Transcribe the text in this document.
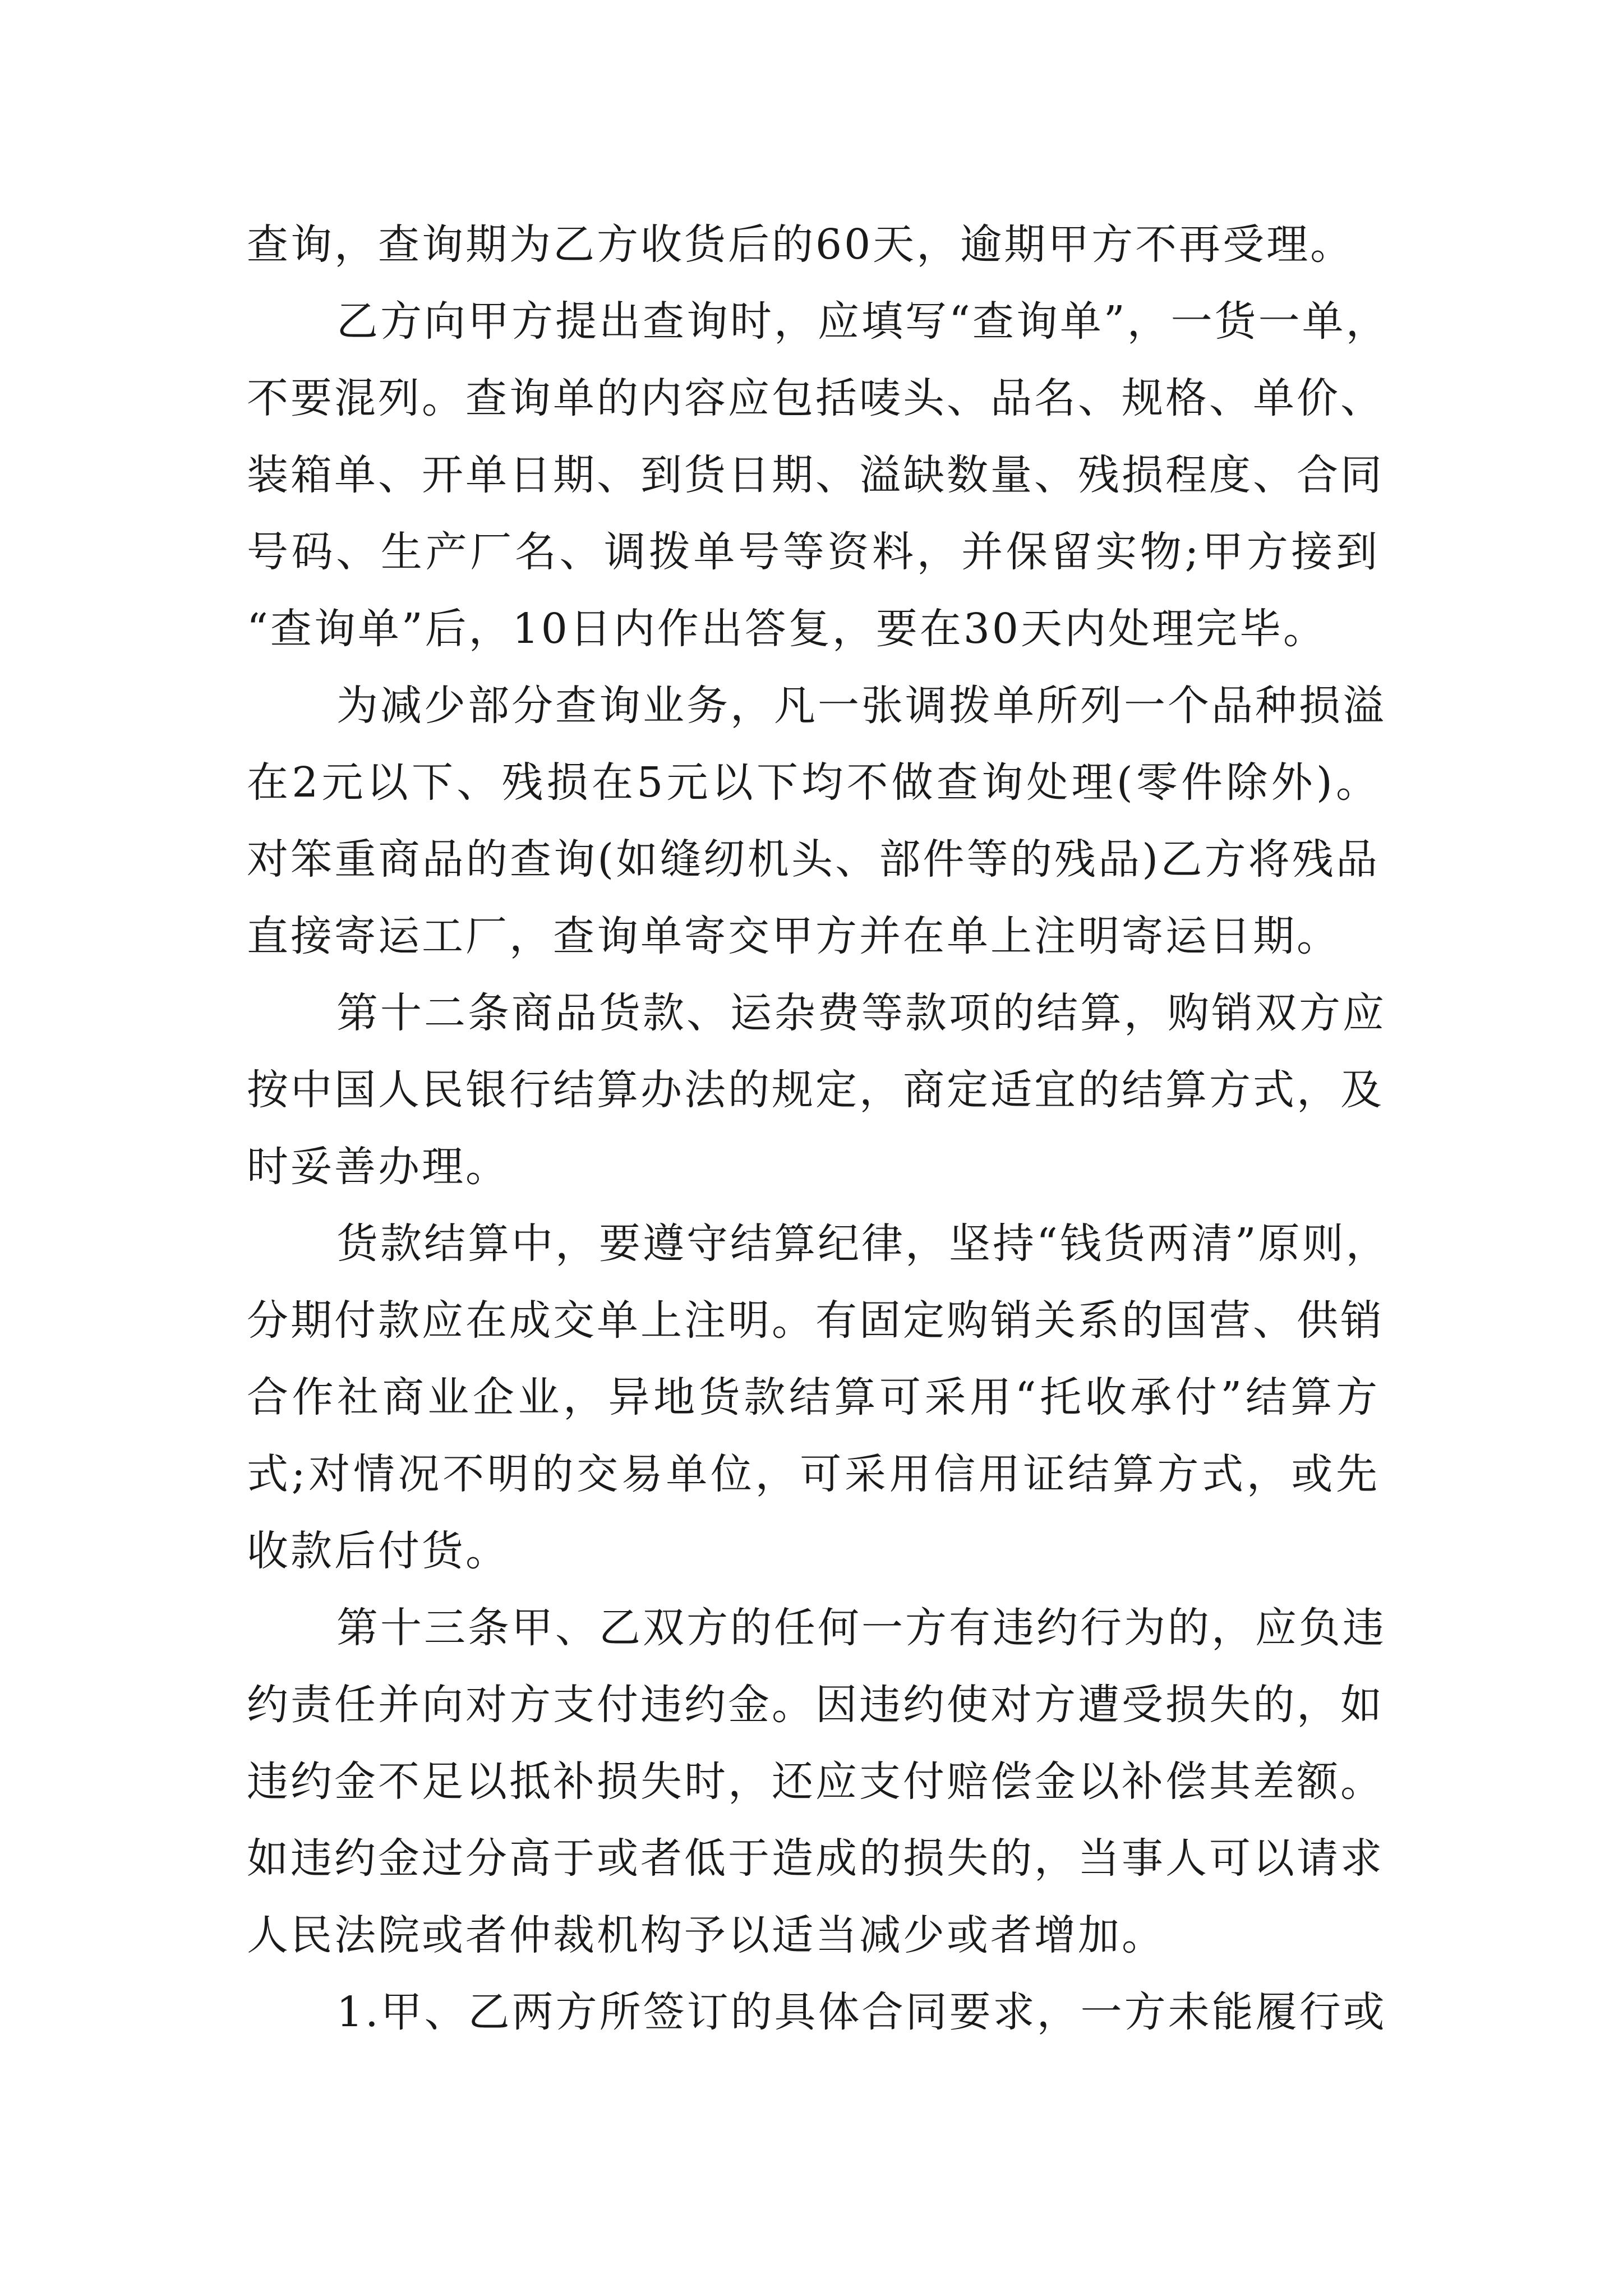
查询，查询期为乙方收货后的60天，逾期甲方不再受理。
乙方向甲方提出查询时，应填写“查询单”，一货一单，
不要混列。查询单的内容应包括唛头、品名、规格、单价、
装箱单、开单日期、到货日期、溢缺数量、残损程度、合同
号码、生产厂名、调拨单号等资料，并保留实物;甲方接到
“查询单”后，10日内作出答复，要在30天内处理完毕。
为减少部分查询业务，凡一张调拨单所列一个品种损溢
在2元以下、残损在5元以下均不做查询处理(零件除外)。
对笨重商品的查询(如缝纫机头、部件等的残品)乙方将残品
直接寄运工厂，查询单寄交甲方并在单上注明寄运日期。
第十二条商品货款、运杂费等款项的结算，购销双方应
按中国人民银行结算办法的规定，商定适宜的结算方式，及
时妥善办理。
货款结算中，要遵守结算纪律，坚持“钱货两清”原则，
分期付款应在成交单上注明。有固定购销关系的国营、供销
合作社商业企业，异地货款结算可采用“托收承付”结算方
式;对情况不明的交易单位，可采用信用证结算方式，或先
收款后付货。
第十三条甲、乙双方的任何一方有违约行为的，应负违
约责任并向对方支付违约金。因违约使对方遭受损失的，如
违约金不足以抵补损失时，还应支付赔偿金以补偿其差额。
如违约金过分高于或者低于造成的损失的，当事人可以请求
人民法院或者仲裁机构予以适当减少或者增加。
1.甲、乙两方所签订的具体合同要求，一方未能履行或
